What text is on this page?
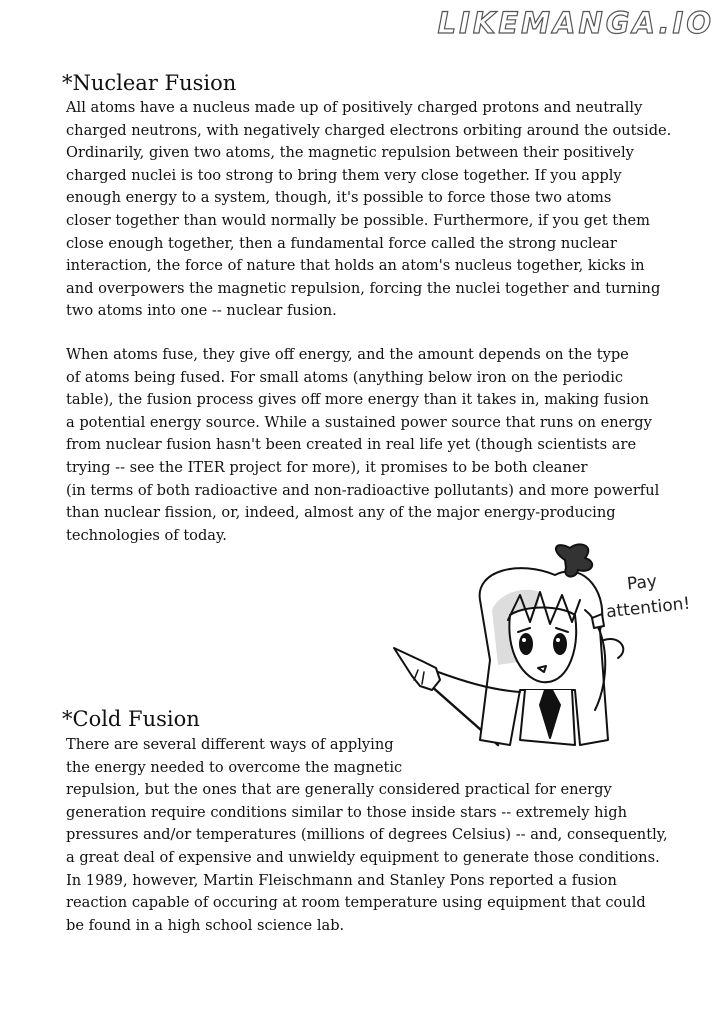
LIKEMANGA.IO
*Nuclear Fusion

All atoms have a nucleus made up of positively charged protons and neutrally
charged neutrons, with negatively charged electrons orbiting around the outside.
Ordinarily, given two atoms, the magnetic repulsion between their positively
charged nuclei is too strong to bring them very close together. If you apply
enough energy to a system, though, it's possible to force those two atoms
closer together than would normally be possible. Furthermore, if you get them
close enough together, then a fundamental force called the strong nuclear
interaction, the force of nature that holds an atom's nucleus together, kicks in
and overpowers the magnetic repulsion, forcing the nuclei together and turning
two atoms into one -- nuclear fusion.

When atoms fuse, they give off energy, and the amount depends on the type
of atoms being fused. For small atoms (anything below iron on the periodic
table), the fusion process gives off more energy than it takes in, making fusion
a potential energy source. While a sustained power source that runs on energy
from nuclear fusion hasn't been created in real life yet (though scientists are
trying -- see the ITER project for more), it promises to be both cleaner
(in terms of both radioactive and non-radioactive pollutants) and more powerful
than nuclear fission, or, indeed, almost any of the major energy-producing
technologies of today.

Pay
attention!
*Cold Fusion

There are several different ways of applying
the energy needed to overcome the magnetic
repulsion, but the ones that are generally considered practical for energy
generation require conditions similar to those inside stars -- extremely high
pressures and/or temperatures (millions of degrees Celsius) -- and, consequently,
a great deal of expensive and unwieldy equipment to generate those conditions.
In 1989, however, Martin Fleischmann and Stanley Pons reported a fusion
reaction capable of occuring at room temperature using equipment that could
be found in a high school science lab.
